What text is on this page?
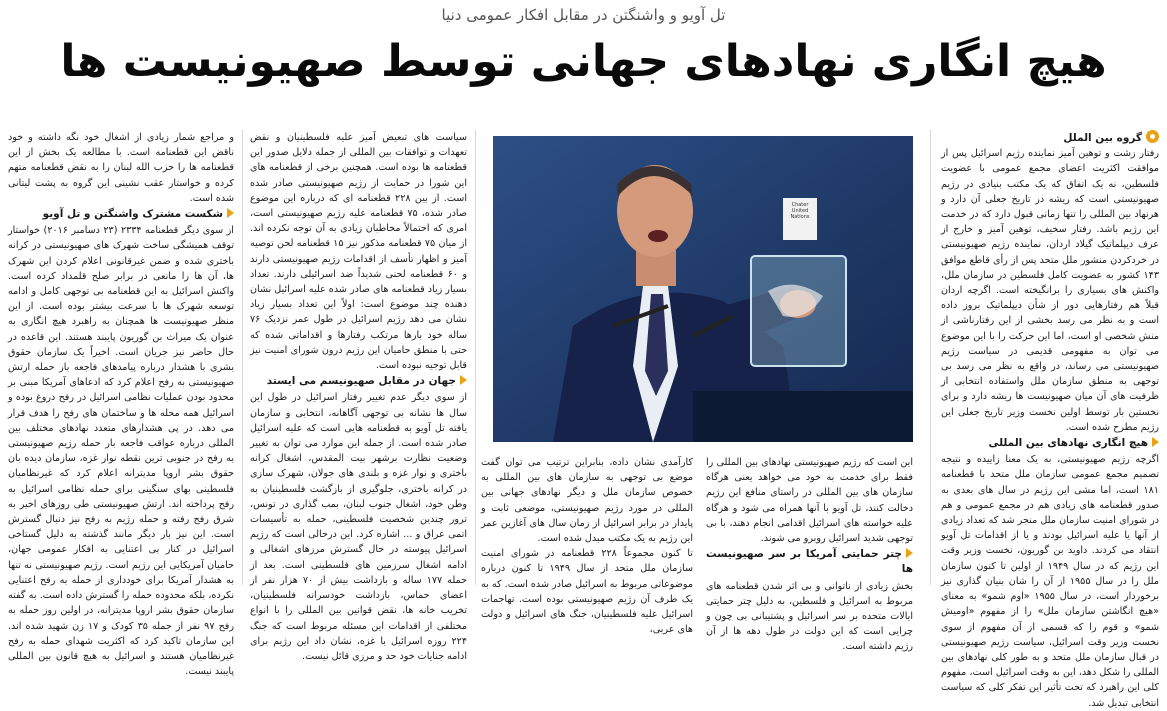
تل آویو و واشنگتن در مقابل افکار عمومی دنیا
هیچ انگاری نهادهای جهانی توسط صهیونیست ها
گروه بین الملل

رفتار زشت و توهین آمیز نماینده رژیم اسرائیل پس از موافقت اکثریت اعضای مجمع عمومی با عضویت فلسطین، نه یک اتفاق که یک مکتب بنیادی در رژیم صهیونیستی است که ریشه در تاریخ جعلی آن دارد و هرنهاد بین المللی را تنها زمانی قبول دارد که در خدمت این رژیم باشد. رفتار سخیف، توهین آمیز و خارج از عرف دیپلماتیک گیلاد اردان، نماینده رژیم صهیونیستی در خردکردن منشور ملل متحد پس از رأی قاطع موافق ۱۴۳ کشور به عضویت کامل فلسطین در سازمان ملل، واکنش های بسیاری را برانگیخته است. اگرچه اردان قبلاً هم رفتارهایی دور از شأن دیپلماتیک بروز داده است و به نظر می رسد بخشی از این رفتارناشی از منش شخصی او است، اما این حرکت را با این موضوع می توان به مفهومی قدیمی در سیاست رژیم صهیونیستی می رساند، در واقع به نظر می رسد بی توجهی به منطق سازمان ملل واستفاده انتخابی از ظرفیت های آن میان صهیونیست ها ریشه دارد و برای نخستین بار توسط اولین نخست وزیر تاریخ جعلی این رژیم مطرح شده است.

هیچ انگاری نهادهای بین المللی

اگرچه رژیم صهیونیستی، به یک معنا زاییده و نتیجه تصمیم مجمع عمومی سازمان ملل متحد با قطعنامه ۱۸۱ است، اما مشی این رژیم در سال های بعدی به صدور قطعنامه های زیادی هم در مجمع عمومی و هم در شورای امنیت سازمان ملل منجر شد که تعداد زیادی از آنها یا علیه اسرائیل بودند و یا از اقدامات تل آویو انتقاد می کردند. داوید بن گوریون، نخست وزیر وقت این رژیم که در سال ۱۹۴۹ از اولین تا کنون سازمان ملل را در سال ۱۹۵۵ از آن را شان بنیان گذاری نیز برخوردار است، در سال ۱۹۵۵ «اوم شمو» به معنای «هیچ انگاشتن سازمان ملل» را از مفهوم «اومیش شمو» و قوم را که قسمی از آن مفهوم از سوی نخست وزیر وقت اسرائیل، سیاست رژیم صهیونیستی در قبال سازمان ملل متحد و به طور کلی نهادهای بین المللی را شکل دهد، این به وقت اسرائیل است، مفهوم کلی این راهبرد که تحت تأثیر این تفکر کلی که سیاست انتخابی تبدیل شد.

Chater United Nations

این است که رژیم صهیونیستی نهادهای بین المللی را فقط برای خدمت به خود می خواهد یعنی هرگاه سازمان های بین المللی در راستای منافع این رژیم دخالت کنند، تل آویو با آنها همراه می شود و هرگاه علیه خواسته های اسرائیل اقدامی انجام دهند، با بی توجهی شدید اسرائیل روبرو می شوند.

چتر حمایتی آمریکا بر سر صهیونیست ها

بخش زیادی از ناتوانی و بی اثر شدن قطعنامه های مربوط به اسرائیل و فلسطین، به دلیل چتر حمایتی ایالات متحده بر سر اسرائیل و پشتیبانی بی چون و چرایی است که این دولت در طول دهه ها از آن رژیم داشته است.

کارآمدی نشان داده، بنابراین ترتیب می توان گفت موضع بی توجهی به سازمان های بین المللی به خصوص سازمان ملل و دیگر نهادهای جهانی بین المللی در مورد رژیم صهیونیستی، موضعی ثابت و پایدار در برابر اسرائیل از زمان سال های آغازین عمر این رژیم به یک مکتب مبدل شده است.

تا کنون مجموعاً ۲۲۸ قطعنامه در شورای امنیت سازمان ملل متحد از سال ۱۹۴۹ تا کنون درباره موضوعاتی مربوط به اسرائیل صادر شده است. که به یک طرف آن رژیم صهیونیستی بوده است. تهاجمات اسرائیل علیه فلسطینیان، جنگ های اسرائیل و دولت های عربی،

سیاست های تبعیض آمیز علیه فلسطینیان و نقض تعهدات و توافقات بین المللی از جمله دلایل صدور این قطعنامه ها بوده است. همچنین برخی از قطعنامه های این شورا در حمایت از رژیم صهیونیستی صادر شده است. از بین ۲۲۸ قطعنامه ای که درباره این موضوع صادر شده، ۷۵ قطعنامه علیه رژیم صهیونیستی است، امری که احتمالاً مخاطبان زیادی به آن توجه نکرده اند. از میان ۷۵ قطعنامه مذکور نیز ۱۵ قطعنامه لحن توصیه آمیز و اظهار تأسف از اقدامات رژیم صهیونیستی دارند و ۶۰ قطعنامه لحنی شدیداً ضد اسرائیلی دارند. تعداد بسیار زیاد قطعنامه های صادر شده علیه اسرائیل نشان دهنده چند موضوع است: اولاً این تعداد بسیار زیاد نشان می دهد رژیم اسرائیل در طول عمر نزدیک ۷۶ ساله خود بارها مرتکب رفتارها و اقداماتی شده که حتی با منطق حامیان این رژیم درون شورای امنیت نیز قابل توجیه نبوده است.

جهان در مقابل صهیونیسم می ایستد

از سوی دیگر عدم تغییر رفتار اسرائیل در طول این سال ها نشانه بی توجهی آگاهانه، انتخابی و سازمان یافته تل آویو به قطعنامه هایی است که علیه اسرائیل صادر شده است. از جمله این موارد می توان به تغییر وضعیت نظارت برشهر بیت المقدس، اشغال کرانه باختری و نوار غزه و بلندی های جولان، شهرک سازی در کرانه باختری، جلوگیری از بازگشت فلسطینیان به وطن خود، اشغال جنوب لبنان، بمب گذاری در تونس، ترور چندین شخصیت فلسطینی، حمله به تأسیسات اتمی عراق و ... اشاره کرد. این درحالی است که رژیم اسرائیل پیوسته در حال گسترش مرزهای اشغالی و ادامه اشغال سرزمین های فلسطینی است. بعد از حمله ۱۷۷ ساله و بازداشت بیش از ۷۰ هزار نفر از اعضای حماس، بازداشت خودسرانه فلسطینیان، تخریب خانه ها، نقض قوانین بین المللی را با انواع مختلفی از اقدامات این مسئله مربوط است که جنگ ۲۲۴ روزه اسرائیل با غزه، نشان داد این رژیم برای ادامه جنایات خود حد و مرزی قائل نیست.

و مراجع شمار زیادی از اشغال خود نگه داشته و خود ناقض این قطعنامه است. با مطالعه یک بخش از این قطعنامه ها را حزب الله لبنان را به نقض قطعنامه متهم کرده و خواستار عقب نشینی این گروه به پشت لیتانی شده است.

شکست مشترک واشنگتن و تل آویو

از سوی دیگر قطعنامه ۲۳۳۴ (۲۳ دسامبر ۲۰۱۶) خواستار توقف همیشگی ساخت شهرک های صهیونیستی در کرانه باختری شده و ضمن غیرقانونی اعلام کردن این شهرک ها، آن ها را مانعی در برابر صلح قلمداد کرده است. واکنش اسرائیل به این قطعنامه بی توجهی کامل و ادامه توسعه شهرک ها با سرعت بیشتر بوده است. از این منظر صهیونیست ها همچنان به راهبرد هیچ انگاری به عنوان یک میراث بن گوریون پایبند هستند. این قاعده در حال حاضر نیز جریان است. اخیراً یک سازمان حقوق بشری با هشدار درباره پیامدهای فاجعه بار حمله ارتش صهیونیستی به رفح اعلام کرد که ادعاهای آمریکا مبنی بر محدود بودن عملیات نظامی اسرائیل در رفح دروغ بوده و اسرائیل همه محله ها و ساختمان های رفح را هدف قرار می دهد. در پی هشدارهای متعدد نهادهای مختلف بین المللی درباره عواقب فاجعه بار حمله رژیم صهیونیستی به رفح در جنوبی ترین نقطه نوار غزه، سازمان دیده بان حقوق بشر اروپا مدیترانه اعلام کرد که غیرنظامیان فلسطینی بهای سنگینی برای حمله نظامی اسرائیل به رفح پرداخته اند. ارتش صهیونیستی طی روزهای اخیر به شرق رفح رفته و حمله رژیم به رفح نیز دنبال گسترش است. این نیز بار دیگر مانند گذشته به دلیل گستاخی اسرائیل در کنار بی اعتنایی به افکار عمومی جهان، حامیان آمریکایی این رژیم است. رژیم صهیونیستی نه تنها به هشدار آمریکا برای خودداری از حمله به رفح اعتنایی نکرده، بلکه محدوده حمله را گسترش داده است. به گفته سازمان حقوق بشر اروپا مدیترانه، در اولین روز حمله به رفح ۹۷ نفر از جمله ۳۵ کودک و ۱۷ زن شهید شده اند. این سازمان تاکید کرد که اکثریت شهدای حمله به رفح غیرنظامیان هستند و اسرائیل به هیچ قانون بین المللی پایبند نیست.
